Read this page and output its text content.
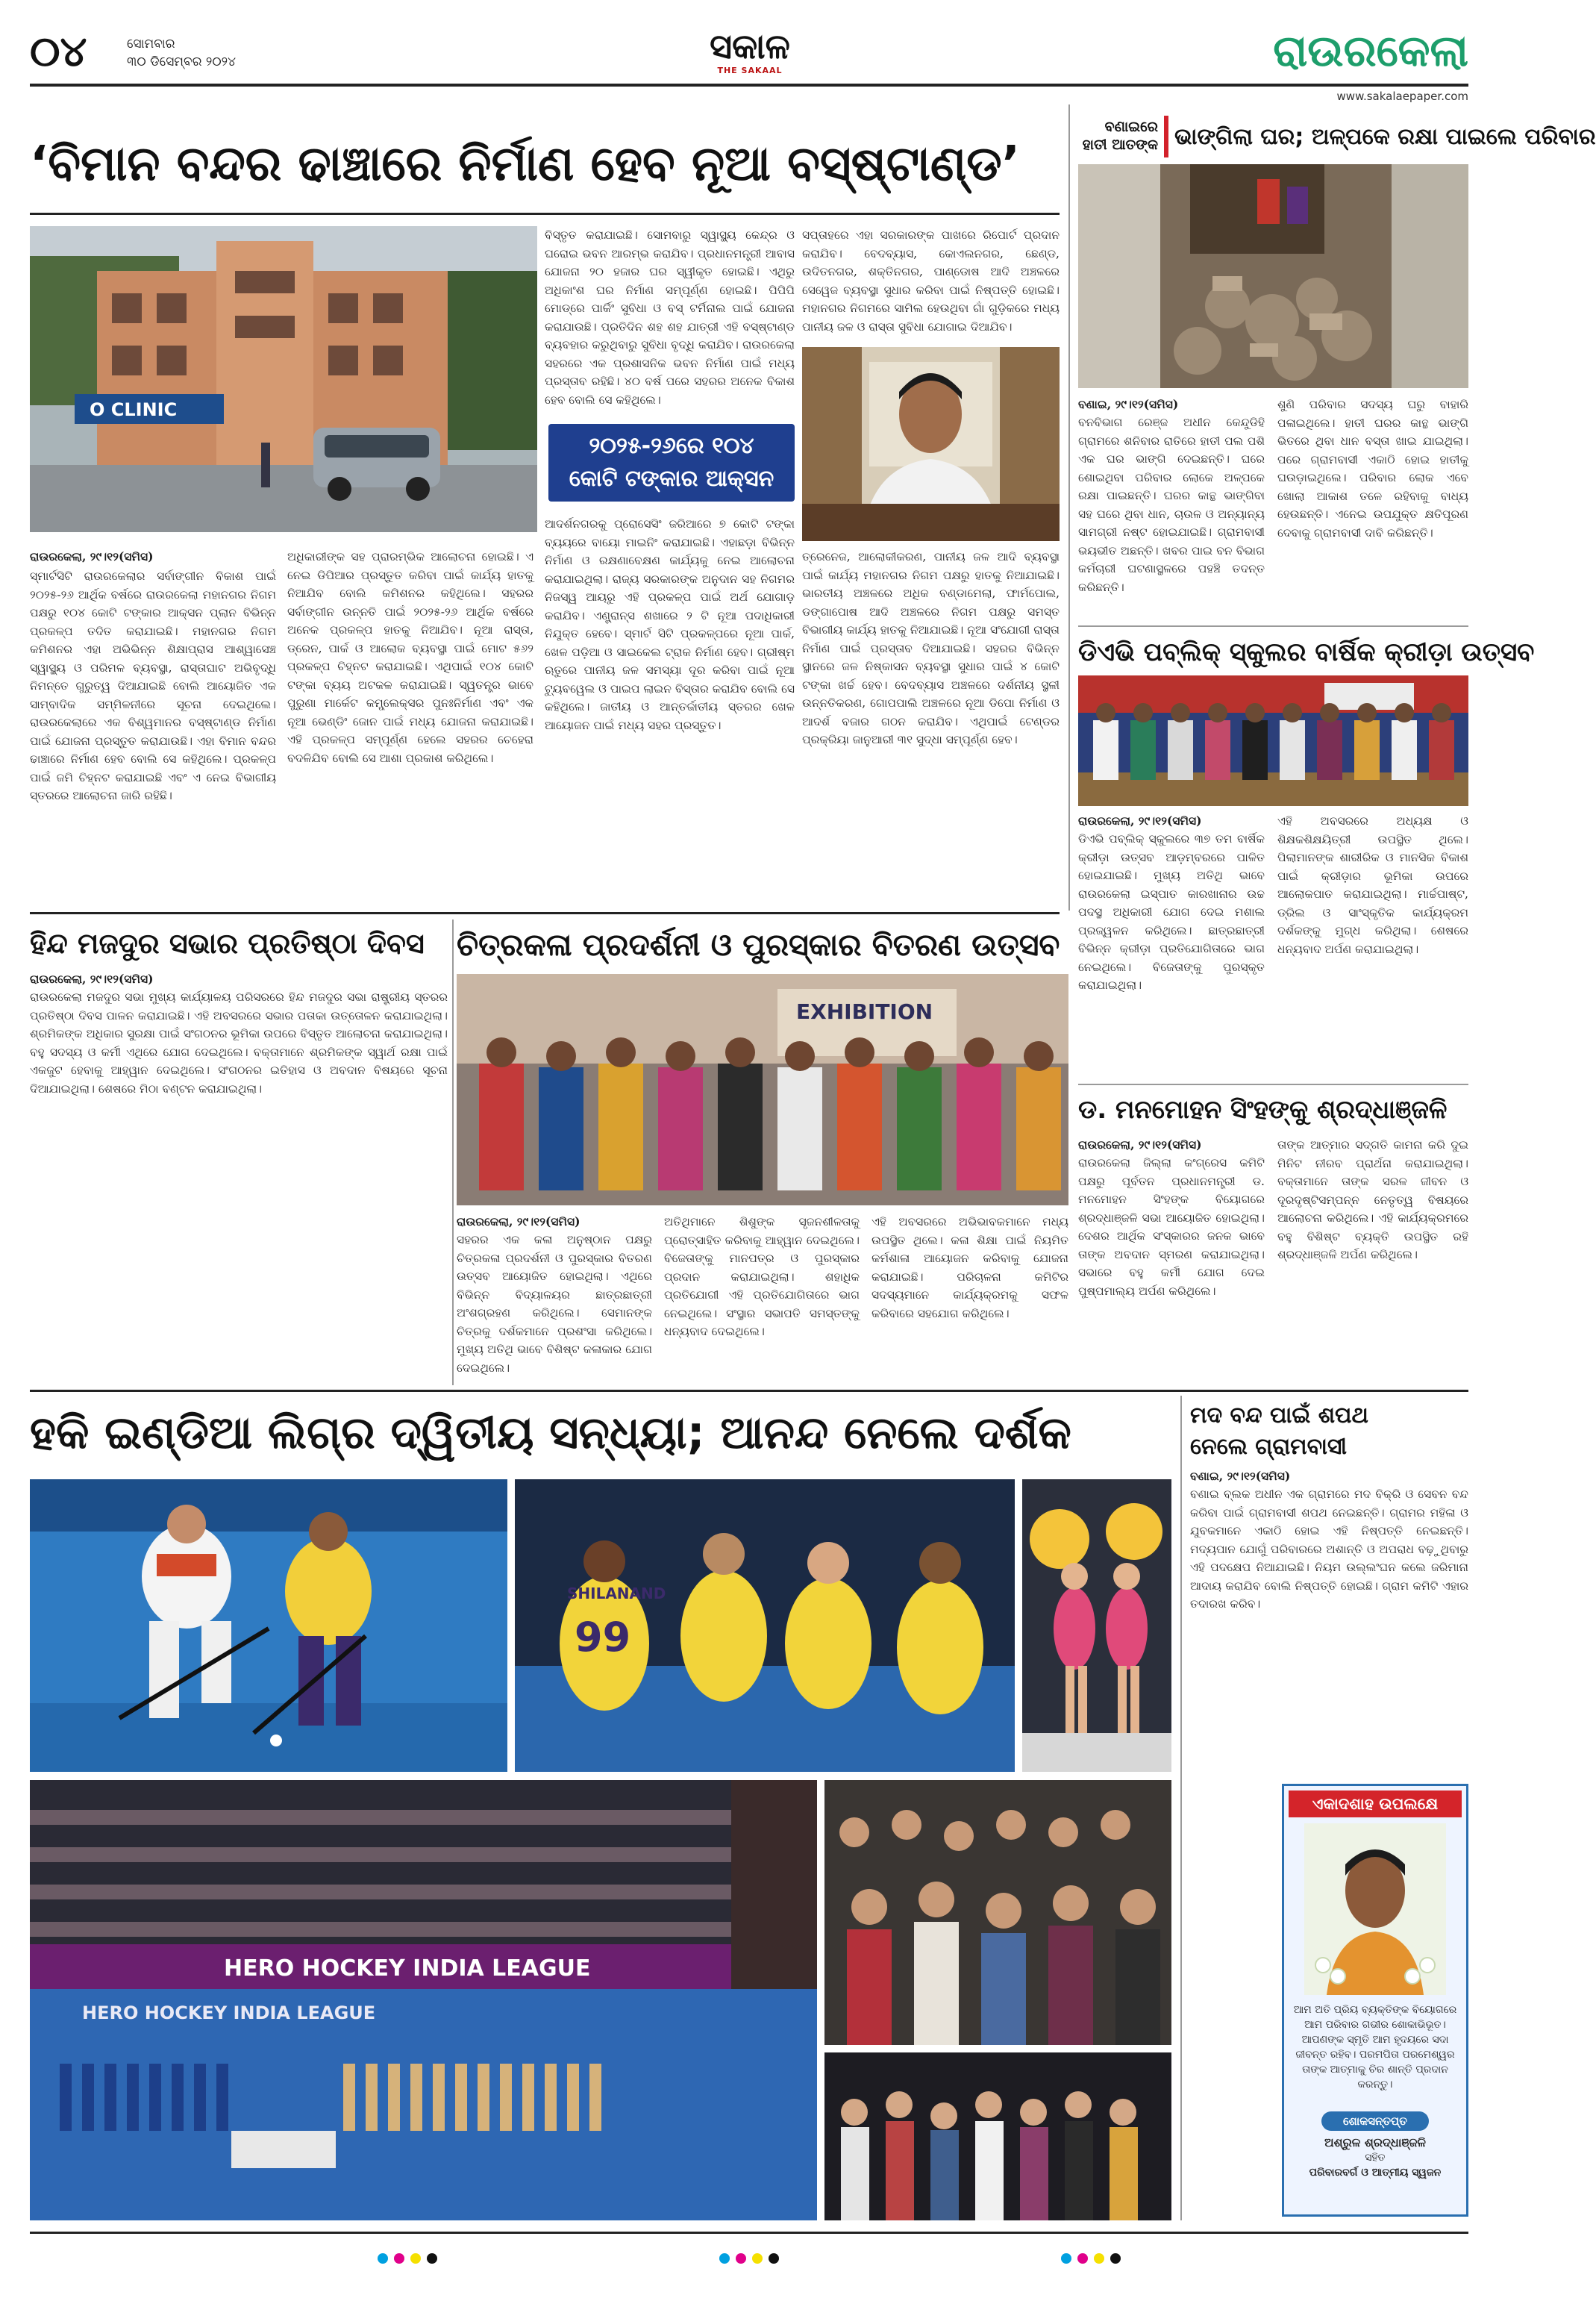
୦୪	ସୋମବାର
୩୦ ଡିସେମ୍ବର ୨୦୨୪	ସକାଳ
THE SAKAAL	ରାଉରକେଲା
www.sakalaepaper.com
‘ବିମାନ ବନ୍ଦର ଢାଞ୍ଚାରେ ନିର୍ମାଣ ହେବ ନୂଆ ବସ୍‌ଷ୍ଟାଣ୍ଡ’
O CLINIC
୨୦୨୫-୨୬ରେ ୧୦୪
କୋଟି ଟଙ୍କାର ଆକ୍ସନ ପ୍ଲାନ
ବିସ୍ତୃତ କରାଯାଇଛି। ସୋମବାରୁ ସ୍ୱାସ୍ଥ୍ୟ କେନ୍ଦ୍ର ଓ ଘରୋଇ ଭବନ ଆରମ୍ଭ କରାଯିବ। ପ୍ରଧାନମନ୍ତ୍ରୀ ଆବାସ ଯୋଜନା ୨୦ ହଜାର ଘର ସ୍ୱୀକୃତ ହୋଇଛି। ଏଥିରୁ ଅଧିକାଂଶ ଘର ନିର୍ମାଣ ସମ୍ପୂର୍ଣ୍ଣ ହୋଇଛି। ପିପିପି ମୋଡ୍‌ରେ ପାର୍କିଂ ସୁବିଧା ଓ ବସ୍‌ ଟର୍ମିନାଲ ପାଇଁ ଯୋଜନା କରାଯାଉଛି। ପ୍ରତିଦିନ ଶହ ଶହ ଯାତ୍ରୀ ଏହି ବସ୍‌ଷ୍ଟାଣ୍ଡ ବ୍ୟବହାର କରୁଥିବାରୁ ସୁବିଧା ବୃଦ୍ଧି କରାଯିବ। ରାଉରକେଲା ସହରରେ ଏକ ପ୍ରଶାସନିକ ଭବନ ନିର୍ମାଣ ପାଇଁ ମଧ୍ୟ ପ୍ରସ୍ତାବ ରହିଛି। ୪୦ ବର୍ଷ ପରେ ସହରର ଅନେକ ବିକାଶ ହେବ ବୋଲି ସେ କହିଥିଲେ।
ସପ୍ତାହରେ ଏହା ସରକାରଙ୍କ ପାଖରେ ରିପୋର୍ଟ ପ୍ରଦାନ କରାଯିବ। ବେଦବ୍ୟାସ, କୋଏଲନଗର, ଛେଣ୍ଡ, ଉଦିତନଗର, ଶକ୍ତିନଗର, ପାଣ୍ଡୋଷ ଆଦି ଅଞ୍ଚଳରେ ସେୱେଜ ବ୍ୟବସ୍ଥା ସୁଧାର କରିବା ପାଇଁ ନିଷ୍ପତ୍ତି ହୋଇଛି। ମହାନଗର ନିଗମରେ ସାମିଲ ହେଉଥିବା ଗାଁ ଗୁଡ଼ିକରେ ମଧ୍ୟ ପାନୀୟ ଜଳ ଓ ରାସ୍ତା ସୁବିଧା ଯୋଗାଇ ଦିଆଯିବ।
ରାଉରକେଲା, ୨୯।୧୨(ସମିସ)
ସ୍ମାର୍ଟସିଟି ରାଉରକେଲାର ସର୍ବାଙ୍ଗୀନ ବିକାଶ ପାଇଁ ୨୦୨୫-୨୬ ଆର୍ଥିକ ବର୍ଷରେ ରାଉରକେଲା ମହାନଗର ନିଗମ ପକ୍ଷରୁ ୧୦୪ କୋଟି ଟଙ୍କାର ଆକ୍ସନ ପ୍ଲାନ ବିଭିନ୍ନ ପ୍ରକଳ୍ପ ତଦିତ କରାଯାଇଛି। ମହାନଗର ନିଗମ କମିଶନର ଏହା ଅଭିଭିନ୍ନ ଶିକ୍ଷାପ୍ରାସ ଆଶ୍ୱାସେଞ୍ଚ ସ୍ୱାସ୍ଥ୍ୟ ଓ ପରିମଳ ବ୍ୟବସ୍ଥା, ରାସ୍ତାଘାଟ ଅଭିବୃଦ୍ଧି ନିମନ୍ତେ ଗୁରୁତ୍ୱ ଦିଆଯାଇଛି ବୋଲି ଆୟୋଜିତ ଏକ ସାମ୍ବାଦିକ ସମ୍ମିଳନୀରେ ସୂଚନା ଦେଇଥିଲେ। ରାଉରକେଲାରେ ଏକ ବିଶ୍ୱମାନର ବସ୍‌ଷ୍ଟାଣ୍ଡ ନିର୍ମାଣ ପାଇଁ ଯୋଜନା ପ୍ରସ୍ତୁତ କରାଯାଉଛି। ଏହା ବିମାନ ବନ୍ଦର ଢାଞ୍ଚାରେ ନିର୍ମାଣ ହେବ ବୋଲି ସେ କହିଥିଲେ। ପ୍ରକଳ୍ପ ପାଇଁ ଜମି ଚିହ୍ନଟ କରାଯାଇଛି ଏବଂ ଏ ନେଇ ବିଭାଗୀୟ ସ୍ତରରେ ଆଲୋଚନା ଜାରି ରହିଛି।
ଅଧିକାରୀଙ୍କ ସହ ପ୍ରାରମ୍ଭିକ ଆଲୋଚନା ହୋଇଛି। ଏ ନେଇ ଡିପିଆର ପ୍ରସ୍ତୁତ କରିବା ପାଇଁ କାର୍ଯ୍ୟ ହାତକୁ ନିଆଯିବ ବୋଲି କମିଶନର କହିଥିଲେ। ସହରର ସର୍ବାଙ୍ଗୀନ ଉନ୍ନତି ପାଇଁ ୨୦୨୫-୨୬ ଆର୍ଥିକ ବର୍ଷରେ ଅନେକ ପ୍ରକଳ୍ପ ହାତକୁ ନିଆଯିବ। ନୂଆ ରାସ୍ତା, ଡ୍ରେନ, ପାର୍କ ଓ ଆଲୋକ ବ୍ୟବସ୍ଥା ପାଇଁ ମୋଟ ୫୬୨ ପ୍ରକଳ୍ପ ଚିହ୍ନଟ କରାଯାଇଛି। ଏଥିପାଇଁ ୧୦୪ କୋଟି ଟଙ୍କା ବ୍ୟୟ ଅଟକଳ କରାଯାଇଛି। ସ୍ୱତନ୍ତ୍ର ଭାବେ ପୁରୁଣା ମାର୍କେଟ କମ୍ପ୍ଲେକ୍ସର ପୁନଃନିର୍ମାଣ ଏବଂ ଏକ ନୂଆ ଭେଣ୍ଡିଂ ଜୋନ ପାଇଁ ମଧ୍ୟ ଯୋଜନା କରାଯାଇଛି। ଏହି ପ୍ରକଳ୍ପ ସମ୍ପୂର୍ଣ୍ଣ ହେଲେ ସହରର ଚେହେରା ବଦଳିଯିବ ବୋଲି ସେ ଆଶା ପ୍ରକାଶ କରିଥିଲେ।
ଆଦର୍ଶନଗରକୁ ପ୍ରୋସେସିଂ ଜରିଆରେ ୭ କୋଟି ଟଙ୍କା ବ୍ୟୟରେ ବାୟୋ ମାଇନିଂ କରାଯାଇଛି। ଏହାଛଡ଼ା ବିଭିନ୍ନ ନିର୍ମାଣ ଓ ରକ୍ଷଣାବେକ୍ଷଣ କାର୍ଯ୍ୟକୁ ନେଇ ଆଲୋଚନା କରାଯାଇଥିଲା। ରାଜ୍ୟ ସରକାରଙ୍କ ଅନୁଦାନ ସହ ନିଗମର ନିଜସ୍ୱ ଆୟରୁ ଏହି ପ୍ରକଳ୍ପ ପାଇଁ ଅର୍ଥ ଯୋଗାଡ଼ କରାଯିବ। ଏଣ୍ଟ୍ରାନ୍ସ ଶଖାରେ ୨ ଟି ନୂଆ ପଦାଧିକାରୀ ନିଯୁକ୍ତ ହେବେ। ସ୍ମାର୍ଟ ସିଟି ପ୍ରକଳ୍ପରେ ନୂଆ ପାର୍କ, ଖେଳ ପଡ଼ିଆ ଓ ସାଇକେଲ ଟ୍ରାକ ନିର୍ମାଣ ହେବ। ଗ୍ରୀଷ୍ମ ଋତୁରେ ପାନୀୟ ଜଳ ସମସ୍ୟା ଦୂର କରିବା ପାଇଁ ନୂଆ ଟ୍ୟୁବୱେଲ ଓ ପାଇପ ଲାଇନ ବିସ୍ତାର କରାଯିବ ବୋଲି ସେ କହିଥିଲେ। ଜାତୀୟ ଓ ଆନ୍ତର୍ଜାତୀୟ ସ୍ତରର ଖେଳ ଆୟୋଜନ ପାଇଁ ମଧ୍ୟ ସହର ପ୍ରସ୍ତୁତ।
ତ୍ରେନେଜ, ଆଲୋକୀକରଣ, ପାନୀୟ ଜଳ ଆଦି ବ୍ୟବସ୍ଥା ପାଇଁ କାର୍ଯ୍ୟ ମହାନଗର ନିଗମ ପକ୍ଷରୁ ହାତକୁ ନିଆଯାଇଛି। ଭାରତୀୟ ଅଞ୍ଚଳରେ ଅଧିକ ବଣ୍ଡାମେଲା, ଫାର୍ମପୋଲ, ଡଙ୍ଗାପୋଷ ଆଦି ଅଞ୍ଚଳରେ ନିଗମ ପକ୍ଷରୁ ସମସ୍ତ ବିଭାଗୀୟ କାର୍ଯ୍ୟ ହାତକୁ ନିଆଯାଇଛି। ନୂଆ ସଂଯୋଗୀ ରାସ୍ତା ନିର୍ମାଣ ପାଇଁ ପ୍ରସ୍ତାବ ଦିଆଯାଇଛି। ସହରର ବିଭିନ୍ନ ସ୍ଥାନରେ ଜଳ ନିଷ୍କାସନ ବ୍ୟବସ୍ଥା ସୁଧାର ପାଇଁ ୪ କୋଟି ଟଙ୍କା ଖର୍ଚ୍ଚ ହେବ। ବେଦବ୍ୟାସ ଅଞ୍ଚଳରେ ଦର୍ଶନୀୟ ସ୍ଥଳୀ ଉନ୍ନତିକରଣ, ଗୋପପାଲି ଅଞ୍ଚଳରେ ନୂଆ ଡିପୋ ନିର୍ମାଣ ଓ ଆଦର୍ଶ ବଜାର ଗଠନ କରାଯିବ। ଏଥିପାଇଁ ଟେଣ୍ଡର ପ୍ରକ୍ରିୟା ଜାନୁଆରୀ ୩୧ ସୁଦ୍ଧା ସମ୍ପୂର୍ଣ୍ଣ ହେବ।
ବଣାଇରେ
ହାତୀ ଆତଙ୍କ ଭାଙ୍ଗିଲା ଘର; ଅଳ୍ପକେ ରକ୍ଷା ପାଇଲେ ପରିବାର
ବଣାଇ, ୨୯।୧୨(ସମିସ)
ବନବିଭାଗ ରେଞ୍ଜ ଅଧୀନ କେନ୍ଦୁଡିହି ଗ୍ରାମରେ ଶନିବାର ରାତିରେ ହାତୀ ପଲ ପଶି ଏକ ଘର ଭାଙ୍ଗି ଦେଇଛନ୍ତି। ଘରେ ଶୋଇଥିବା ପରିବାର ଲୋକେ ଅଳ୍ପକେ ରକ୍ଷା ପାଇଛନ୍ତି। ଘରର କାନ୍ଥ ଭାଙ୍ଗିବା ସହ ଘରେ ଥିବା ଧାନ, ଚାଉଳ ଓ ଅନ୍ୟାନ୍ୟ ସାମଗ୍ରୀ ନଷ୍ଟ ହୋଇଯାଇଛି। ଗ୍ରାମବାସୀ ଭୟଭୀତ ଅଛନ୍ତି। ଖବର ପାଇ ବନ ବିଭାଗ କର୍ମଚାରୀ ଘଟଣାସ୍ଥଳରେ ପହଞ୍ଚି ତଦନ୍ତ କରିଛନ୍ତି।
ଶୁଣି ପରିବାର ସଦସ୍ୟ ଘରୁ ବାହାରି ପଳାଇଥିଲେ। ହାତୀ ଘରର କାନ୍ଥ ଭାଙ୍ଗି ଭିତରେ ଥିବା ଧାନ ବସ୍ତା ଖାଇ ଯାଇଥିଲା। ପରେ ଗ୍ରାମବାସୀ ଏକାଠି ହୋଇ ହାତୀକୁ ଘଉଡ଼ାଇଥିଲେ। ପରିବାର ଲୋକ ଏବେ ଖୋଲା ଆକାଶ ତଳେ ରହିବାକୁ ବାଧ୍ୟ ହେଉଛନ୍ତି। ଏନେଇ ଉପଯୁକ୍ତ କ୍ଷତିପୂରଣ ଦେବାକୁ ଗ୍ରାମବାସୀ ଦାବି କରିଛନ୍ତି।
ଡିଏଭି ପବ୍ଲିକ୍ ସ୍କୁଲର ବାର୍ଷିକ କ୍ରୀଡ଼ା ଉତ୍ସବ
ରାଉରକେଲା, ୨୯।୧୨(ସମିସ)
ଡିଏଭି ପବ୍ଲିକ୍ ସ୍କୁଲରେ ୩୭ ତମ ବାର୍ଷିକ କ୍ରୀଡ଼ା ଉତ୍ସବ ଆଡ଼ମ୍ବରରେ ପାଳିତ ହୋଇଯାଇଛି। ମୁଖ୍ୟ ଅତିଥି ଭାବେ ରାଉରକେଲା ଇସ୍ପାତ କାରଖାନାର ଉଚ୍ଚ ପଦସ୍ଥ ଅଧିକାରୀ ଯୋଗ ଦେଇ ମଶାଲ ପ୍ରଜ୍ୱଳନ କରିଥିଲେ। ଛାତ୍ରଛାତ୍ରୀ ବିଭିନ୍ନ କ୍ରୀଡ଼ା ପ୍ରତିଯୋଗିତାରେ ଭାଗ ନେଇଥିଲେ। ବିଜେତାଙ୍କୁ ପୁରସ୍କୃତ କରାଯାଇଥିଲା।
ଏହି ଅବସରରେ ଅଧ୍ୟକ୍ଷ ଓ ଶିକ୍ଷକଶିକ୍ଷୟିତ୍ରୀ ଉପସ୍ଥିତ ଥିଲେ। ପିଲାମାନଙ୍କ ଶାରୀରିକ ଓ ମାନସିକ ବିକାଶ ପାଇଁ କ୍ରୀଡ଼ାର ଭୂମିକା ଉପରେ ଆଲୋକପାତ କରାଯାଇଥିଲା। ମାର୍ଚ୍ଚପାଷ୍ଟ, ଡ୍ରିଲ ଓ ସାଂସ୍କୃତିକ କାର୍ଯ୍ୟକ୍ରମ ଦର୍ଶକଙ୍କୁ ମୁଗ୍ଧ କରିଥିଲା। ଶେଷରେ ଧନ୍ୟବାଦ ଅର୍ପଣ କରାଯାଇଥିଲା।
ଡ. ମନମୋହନ ସିଂହଙ୍କୁ ଶ୍ରଦ୍ଧାଞ୍ଜଳି
ରାଉରକେଲା, ୨୯।୧୨(ସମିସ)
ରାଉରକେଲା ଜିଲ୍ଲା କଂଗ୍ରେସ କମିଟି ପକ୍ଷରୁ ପୂର୍ବତନ ପ୍ରଧାନମନ୍ତ୍ରୀ ଡ. ମନମୋହନ ସିଂହଙ୍କ ବିୟୋଗରେ ଶ୍ରଦ୍ଧାଞ୍ଜଳି ସଭା ଆୟୋଜିତ ହୋଇଥିଲା। ଦେଶର ଆର୍ଥିକ ସଂସ୍କାରର ଜନକ ଭାବେ ତାଙ୍କ ଅବଦାନ ସ୍ମରଣ କରାଯାଇଥିଲା। ସଭାରେ ବହୁ କର୍ମୀ ଯୋଗ ଦେଇ ପୁଷ୍ପମାଲ୍ୟ ଅର୍ପଣ କରିଥିଲେ।
ତାଙ୍କ ଆତ୍ମାର ସଦ୍‌ଗତି କାମନା କରି ଦୁଇ ମିନିଟ ନୀରବ ପ୍ରାର୍ଥନା କରାଯାଇଥିଲା। ବକ୍ତାମାନେ ତାଙ୍କ ସରଳ ଜୀବନ ଓ ଦୂରଦୃଷ୍ଟିସମ୍ପନ୍ନ ନେତୃତ୍ୱ ବିଷୟରେ ଆଲୋଚନା କରିଥିଲେ। ଏହି କାର୍ଯ୍ୟକ୍ରମରେ ବହୁ ବିଶିଷ୍ଟ ବ୍ୟକ୍ତି ଉପସ୍ଥିତ ରହି ଶ୍ରଦ୍ଧାଞ୍ଜଳି ଅର୍ପଣ କରିଥିଲେ।
ହିନ୍ଦ ମଜଦୁର ସଭାର ପ୍ରତିଷ୍ଠା ଦିବସ
ରାଉରକେଲା, ୨୯।୧୨(ସମିସ)
ରାଉରକେଲା ମଜଦୁର ସଭା ମୁଖ୍ୟ କାର୍ଯ୍ୟାଳୟ ପରିସରରେ ହିନ୍ଦ ମଜଦୁର ସଭା ରାଷ୍ଟ୍ରୀୟ ସ୍ତରର ପ୍ରତିଷ୍ଠା ଦିବସ ପାଳନ କରାଯାଇଛି। ଏହି ଅବସରରେ ସଭାର ପତାକା ଉତ୍ତୋଳନ କରାଯାଇଥିଲା। ଶ୍ରମିକଙ୍କ ଅଧିକାର ସୁରକ୍ଷା ପାଇଁ ସଂଗଠନର ଭୂମିକା ଉପରେ ବିସ୍ତୃତ ଆଲୋଚନା କରାଯାଇଥିଲା। ବହୁ ସଦସ୍ୟ ଓ କର୍ମୀ ଏଥିରେ ଯୋଗ ଦେଇଥିଲେ। ବକ୍ତାମାନେ ଶ୍ରମିକଙ୍କ ସ୍ୱାର୍ଥ ରକ୍ଷା ପାଇଁ ଏକଜୁଟ ହେବାକୁ ଆହ୍ୱାନ ଦେଇଥିଲେ। ସଂଗଠନର ଇତିହାସ ଓ ଅବଦାନ ବିଷୟରେ ସୂଚନା ଦିଆଯାଇଥିଲା। ଶେଷରେ ମିଠା ବଣ୍ଟନ କରାଯାଇଥିଲା।
ଚିତ୍ରକଳା ପ୍ରଦର୍ଶନୀ ଓ ପୁରସ୍କାର ବିତରଣ ଉତ୍ସବ
EXHIBITION
ରାଉରକେଲା, ୨୯।୧୨(ସମିସ)
ସହରର ଏକ କଳା ଅନୁଷ୍ଠାନ ପକ୍ଷରୁ ଚିତ୍ରକଳା ପ୍ରଦର୍ଶନୀ ଓ ପୁରସ୍କାର ବିତରଣ ଉତ୍ସବ ଆୟୋଜିତ ହୋଇଥିଲା। ଏଥିରେ ବିଭିନ୍ନ ବିଦ୍ୟାଳୟର ଛାତ୍ରଛାତ୍ରୀ ଅଂଶଗ୍ରହଣ କରିଥିଲେ। ସେମାନଙ୍କ ଚିତ୍ରକୁ ଦର୍ଶକମାନେ ପ୍ରଶଂସା କରିଥିଲେ। ମୁଖ୍ୟ ଅତିଥି ଭାବେ ବିଶିଷ୍ଟ କଳାକାର ଯୋଗ ଦେଇଥିଲେ।
ଅତିଥିମାନେ ଶିଶୁଙ୍କ ସୃଜନଶୀଳତାକୁ ପ୍ରୋତ୍ସାହିତ କରିବାକୁ ଆହ୍ୱାନ ଦେଇଥିଲେ। ବିଜେତାଙ୍କୁ ମାନପତ୍ର ଓ ପୁରସ୍କାର ପ୍ରଦାନ କରାଯାଇଥିଲା। ଶହାଧିକ ପ୍ରତିଯୋଗୀ ଏହି ପ୍ରତିଯୋଗିତାରେ ଭାଗ ନେଇଥିଲେ। ସଂସ୍ଥାର ସଭାପତି ସମସ୍ତଙ୍କୁ ଧନ୍ୟବାଦ ଦେଇଥିଲେ।
ଏହି ଅବସରରେ ଅଭିଭାବକମାନେ ମଧ୍ୟ ଉପସ୍ଥିତ ଥିଲେ। କଳା ଶିକ୍ଷା ପାଇଁ ନିୟମିତ କର୍ମଶାଳା ଆୟୋଜନ କରିବାକୁ ଯୋଜନା କରାଯାଇଛି। ପରିଚାଳନା କମିଟିର ସଦସ୍ୟମାନେ କାର୍ଯ୍ୟକ୍ରମକୁ ସଫଳ କରିବାରେ ସହଯୋଗ କରିଥିଲେ।
ହକି ଇଣ୍ଡିଆ ଲିଗ୍‌ର ଦ୍ୱିତୀୟ ସନ୍ଧ୍ୟା; ଆନନ୍ଦ ନେଲେ ଦର୍ଶକ
SHILANAND
99
HERO HOCKEY INDIA LEAGUE
HERO HOCKEY INDIA LEAGUE
ମଦ ବନ୍ଦ ପାଇଁ ଶପଥ
ନେଲେ ଗ୍ରାମବାସୀ
ବଣାଇ, ୨୯।୧୨(ସମିସ)
ବଣାଇ ବ୍ଲକ ଅଧୀନ ଏକ ଗ୍ରାମରେ ମଦ ବିକ୍ରି ଓ ସେବନ ବନ୍ଦ କରିବା ପାଇଁ ଗ୍ରାମବାସୀ ଶପଥ ନେଇଛନ୍ତି। ଗ୍ରାମର ମହିଳା ଓ ଯୁବକମାନେ ଏକାଠି ହୋଇ ଏହି ନିଷ୍ପତ୍ତି ନେଇଛନ୍ତି। ମଦ୍ୟପାନ ଯୋଗୁଁ ପରିବାରରେ ଅଶାନ୍ତି ଓ ଅପରାଧ ବଢ଼ୁଥିବାରୁ ଏହି ପଦକ୍ଷେପ ନିଆଯାଇଛି। ନିୟମ ଉଲ୍ଲଂଘନ କଲେ ଜରିମାନା ଆଦାୟ କରାଯିବ ବୋଲି ନିଷ୍ପତ୍ତି ହୋଇଛି। ଗ୍ରାମ କମିଟି ଏହାର ତଦାରଖ କରିବ।
ଏକାଦଶାହ ଉପଲକ୍ଷେ
ଆମ ଅତି ପ୍ରିୟ ବ୍ୟକ୍ତିଙ୍କ ବିୟୋଗରେ ଆମ ପରିବାର ଗଭୀର ଶୋକାଭିଭୂତ। ଆପଣଙ୍କ ସ୍ମୃତି ଆମ ହୃଦୟରେ ସଦା ଜୀବନ୍ତ ରହିବ। ପରମପିତା ପରମେଶ୍ୱର ତାଙ୍କ ଆତ୍ମାକୁ ଚିର ଶାନ୍ତି ପ୍ରଦାନ କରନ୍ତୁ।
ଶୋକସନ୍ତପ୍ତ
ଅଶ୍ରୁଳ ଶ୍ରଦ୍ଧାଞ୍ଜଳି
ସହିତ
ପରିବାରବର୍ଗ ଓ ଆତ୍ମୀୟ ସ୍ୱଜନ
